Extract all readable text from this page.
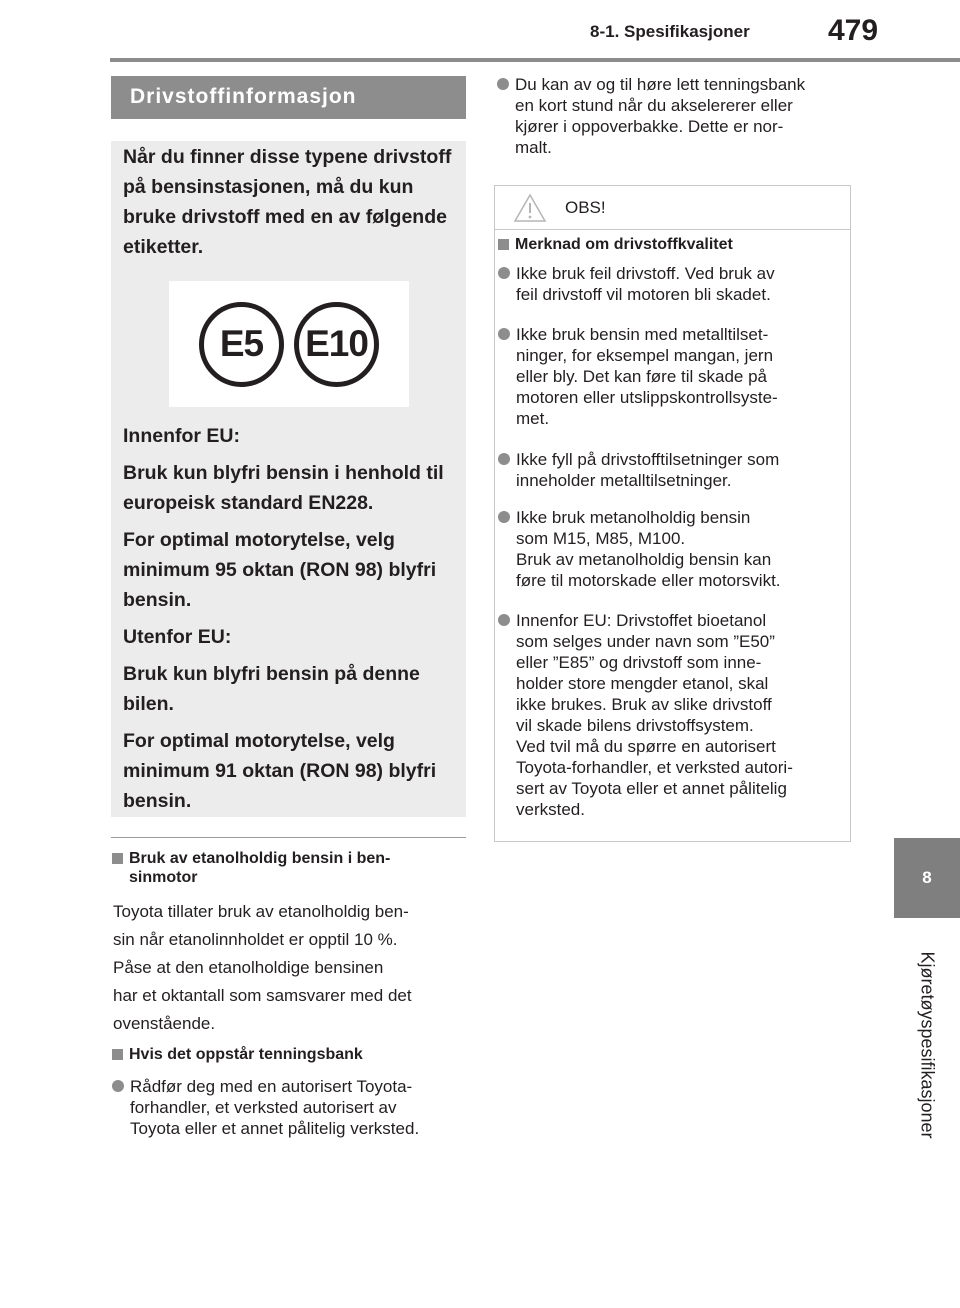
8-1. Spesifikasjoner	479
8
Kjøretøyspesifikasjoner
Drivstoffinformasjon

Når du finner disse typene drivstoff på bensinstasjonen, må du kun bruke drivstoff med en av følgende etiketter.

E5	E10

Innenfor EU:

Bruk kun blyfri bensin i henhold til europeisk standard EN228.

For optimal motorytelse, velg minimum 95 oktan (RON 98) blyfri bensin.

Utenfor EU:

Bruk kun blyfri bensin på denne bilen.

For optimal motorytelse, velg minimum 91 oktan (RON 98) blyfri bensin.

Bruk av etanolholdig bensin i ben-
sinmotor
Toyota tillater bruk av etanolholdig ben-
sin når etanolinnholdet er opptil 10 %.
Påse at den etanolholdige bensinen
har et oktantall som samsvarer med det
ovenstående.
Hvis det oppstår tenningsbank
Rådfør deg med en autorisert Toyota-
forhandler, et verksted autorisert av
Toyota eller et annet pålitelig verksted.
Du kan av og til høre lett tenningsbank
en kort stund når du akselererer eller
kjører i oppoverbakke. Dette er nor-
malt.
OBS!
Merknad om drivstoffkvalitet
Ikke bruk feil drivstoff. Ved bruk av
feil drivstoff vil motoren bli skadet.
Ikke bruk bensin med metalltilset-
ninger, for eksempel mangan, jern
eller bly. Det kan føre til skade på
motoren eller utslippskontrollsyste-
met.
Ikke fyll på drivstofftilsetninger som
inneholder metalltilsetninger.
Ikke bruk metanolholdig bensin
som M15, M85, M100.
Bruk av metanolholdig bensin kan
føre til motorskade eller motorsvikt.
Innenfor EU: Drivstoffet bioetanol
som selges under navn som ”E50”
eller ”E85” og drivstoff som inne-
holder store mengder etanol, skal
ikke brukes. Bruk av slike drivstoff
vil skade bilens drivstoffsystem.
Ved tvil må du spørre en autorisert
Toyota-forhandler, et verksted autori-
sert av Toyota eller et annet pålitelig
verksted.
